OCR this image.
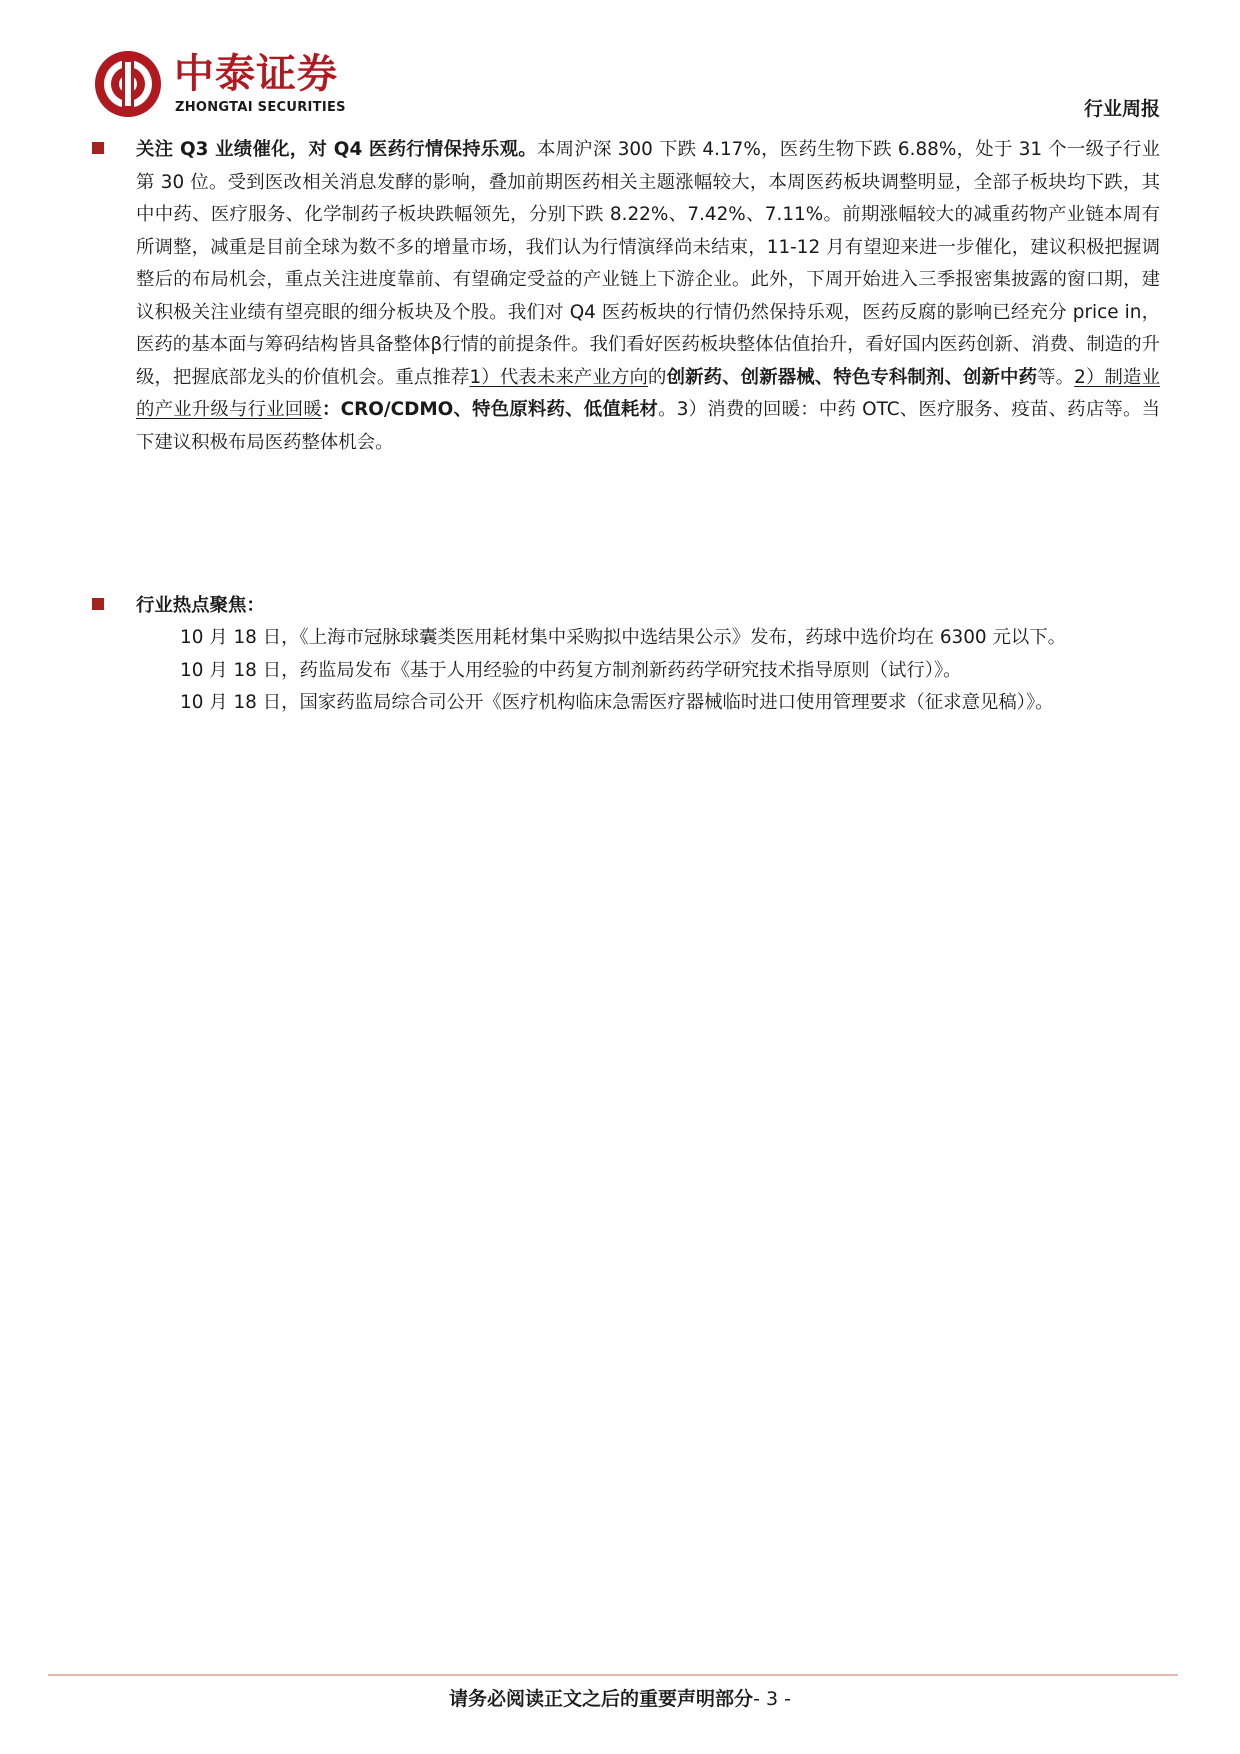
中泰证券
ZHONGTAI SECURITIES	行业周报

关注 Q3 业绩催化，对 Q4 医药行情保持乐观。本周沪深 300 下跌 4.17%，医药生物下跌 6.88%，处于 31 个一级子行业第 30 位。受到医改相关消息发酵的影响，叠加前期医药相关主题涨幅较大，本周医药板块调整明显，全部子板块均下跌，其中中药、医疗服务、化学制药子板块跌幅领先，分别下跌 8.22%、7.42%、7.11%。前期涨幅较大的减重药物产业链本周有所调整，减重是目前全球为数不多的增量市场，我们认为行情演绎尚未结束，11-12 月有望迎来进一步催化，建议积极把握调整后的布局机会，重点关注进度靠前、有望确定受益的产业链上下游企业。此外，下周开始进入三季报密集披露的窗口期，建议积极关注业绩有望亮眼的细分板块及个股。我们对 Q4 医药板块的行情仍然保持乐观，医药反腐的影响已经充分 price in，医药的基本面与筹码结构皆具备整体β行情的前提条件。我们看好医药板块整体估值抬升，看好国内医药创新、消费、制造的升级，把握底部龙头的价值机会。重点推荐1）代表未来产业方向的创新药、创新器械、特色专科制剂、创新中药等。2）制造业的产业升级与行业回暖：CRO/CDMO、特色原料药、低值耗材。3）消费的回暖：中药 OTC、医疗服务、疫苗、药店等。当下建议积极布局医药整体机会。

行业热点聚焦：
10 月 18 日，《上海市冠脉球囊类医用耗材集中采购拟中选结果公示》发布，药球中选价均在 6300 元以下。
10 月 18 日，药监局发布《基于人用经验的中药复方制剂新药药学研究技术指导原则（试行）》。
10 月 18 日，国家药监局综合司公开《医疗机构临床急需医疗器械临时进口使用管理要求（征求意见稿）》。
请务必阅读正文之后的重要声明部分- 3 -
